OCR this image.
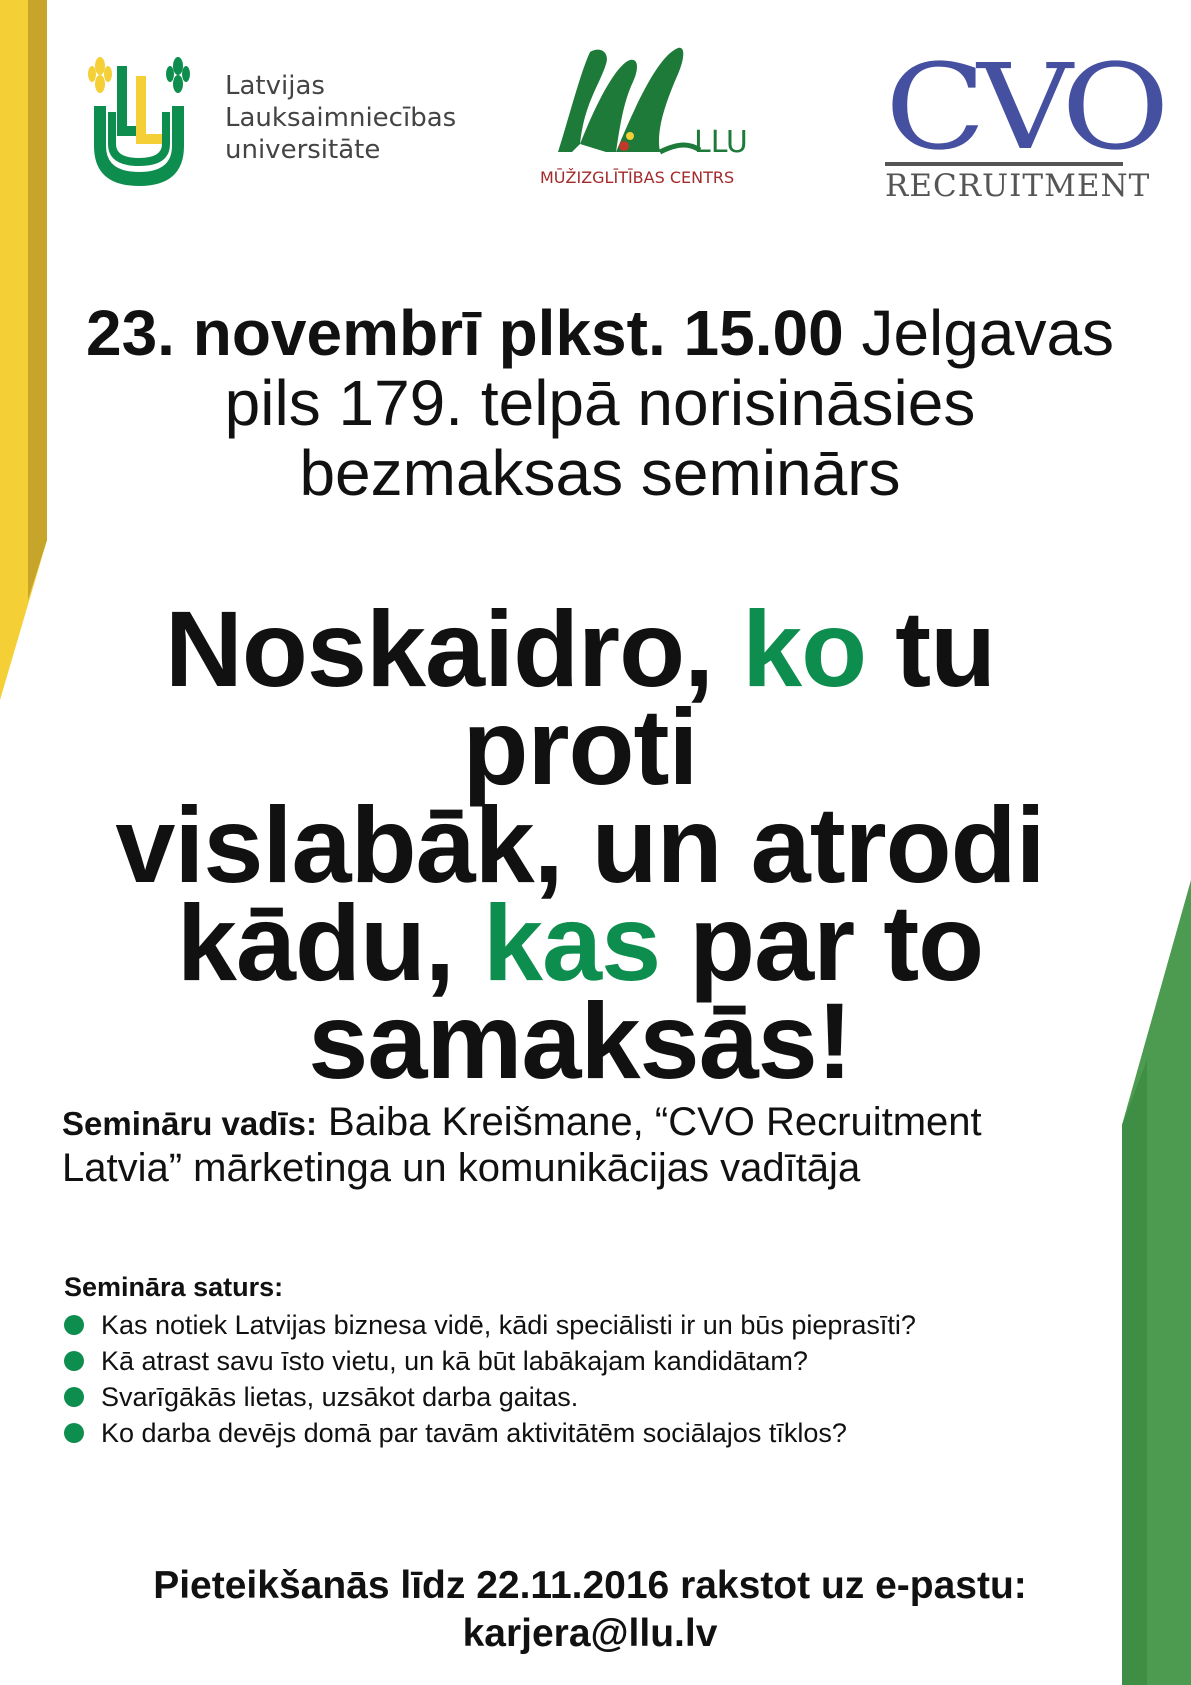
Latvijas
Lauksaimniecības
universitāte	LLU
MŪŽIZGLĪTĪBAS CENTRS
CVO
RECRUITMENT
23. novembrī plkst. 15.00 Jelgavas
pils 179. telpā norisināsies
bezmaksas seminārs
Noskaidro, ko tu proti
vislabāk, un atrodi
kādu, kas par to
samaksās!
Semināru vadīs: Baiba Kreišmane, “CVO Recruitment
Latvia” mārketinga un komunikācijas vadītāja
Semināra saturs:
Kas notiek Latvijas biznesa vidē, kādi speciālisti ir un būs pieprasīti?
Kā atrast savu īsto vietu, un kā būt labākajam kandidātam?
Svarīgākās lietas, uzsākot darba gaitas.
Ko darba devējs domā par tavām aktivitātēm sociālajos tīklos?
Pieteikšanās līdz 22.11.2016 rakstot uz e-pastu:
karjera@llu.lv
